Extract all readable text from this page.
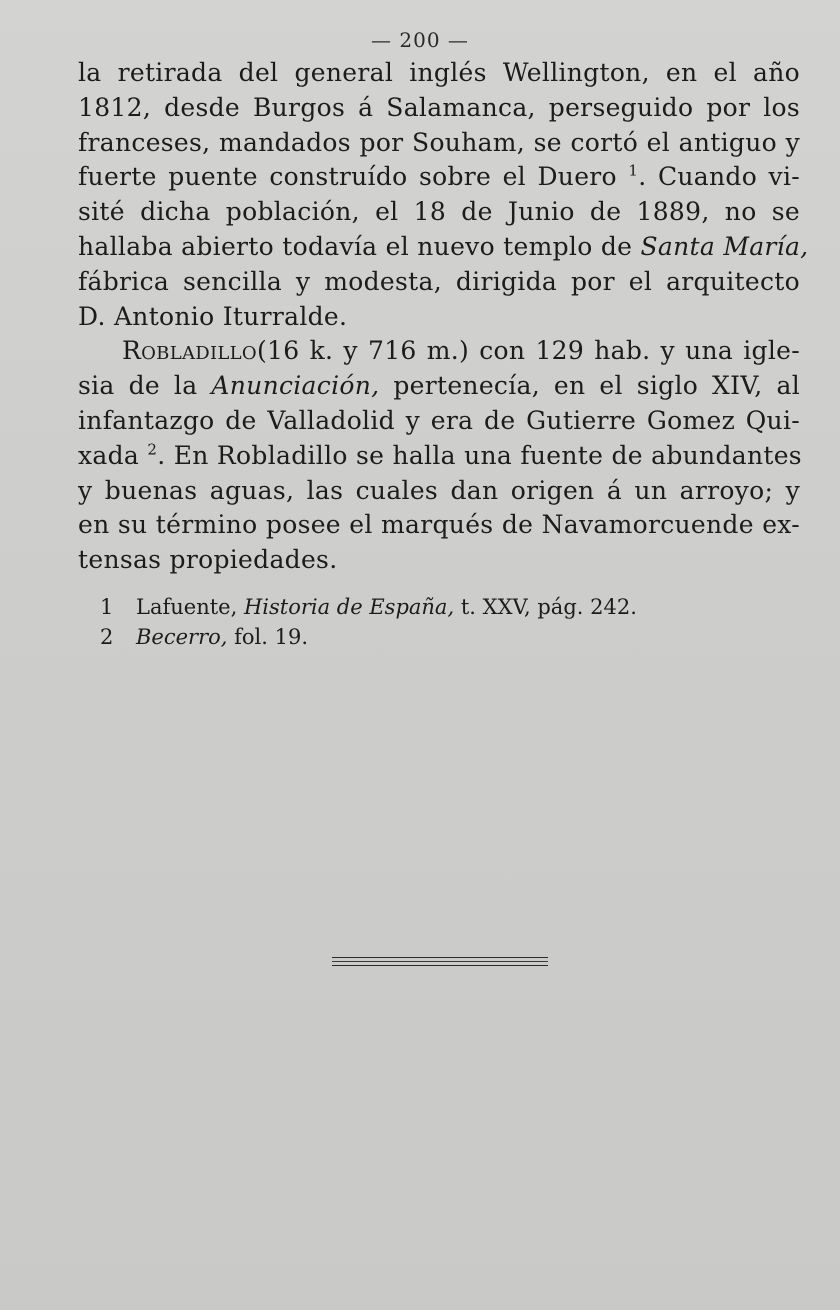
— 200 —
la retirada del general inglés Wellington, en el año
1812, desde Burgos á Salamanca, perseguido por los
franceses, mandados por Souham, se cortó el antiguo y
fuerte puente construído sobre el Duero $^1$. Cuando vi-
sité dicha población, el 18 de Junio de 1889, no se
hallaba abierto todavía el nuevo templo de Santa María,
fábrica sencilla y modesta, dirigida por el arquitecto
D. Antonio Iturralde.
Robladillo(16 k. y 716 m.) con 129 hab. y una igle-
sia de la Anunciación, pertenecía, en el siglo XIV, al
infantazgo de Valladolid y era de Gutierre Gomez Qui-
xada $^2$. En Robladillo se halla una fuente de abundantes
y buenas aguas, las cuales dan origen á un arroyo; y
en su término posee el marqués de Navamorcuende ex-
tensas propiedades.
1 Lafuente, Historia de España, t. XXV, pág. 242.
2 Becerro, fol. 19.
